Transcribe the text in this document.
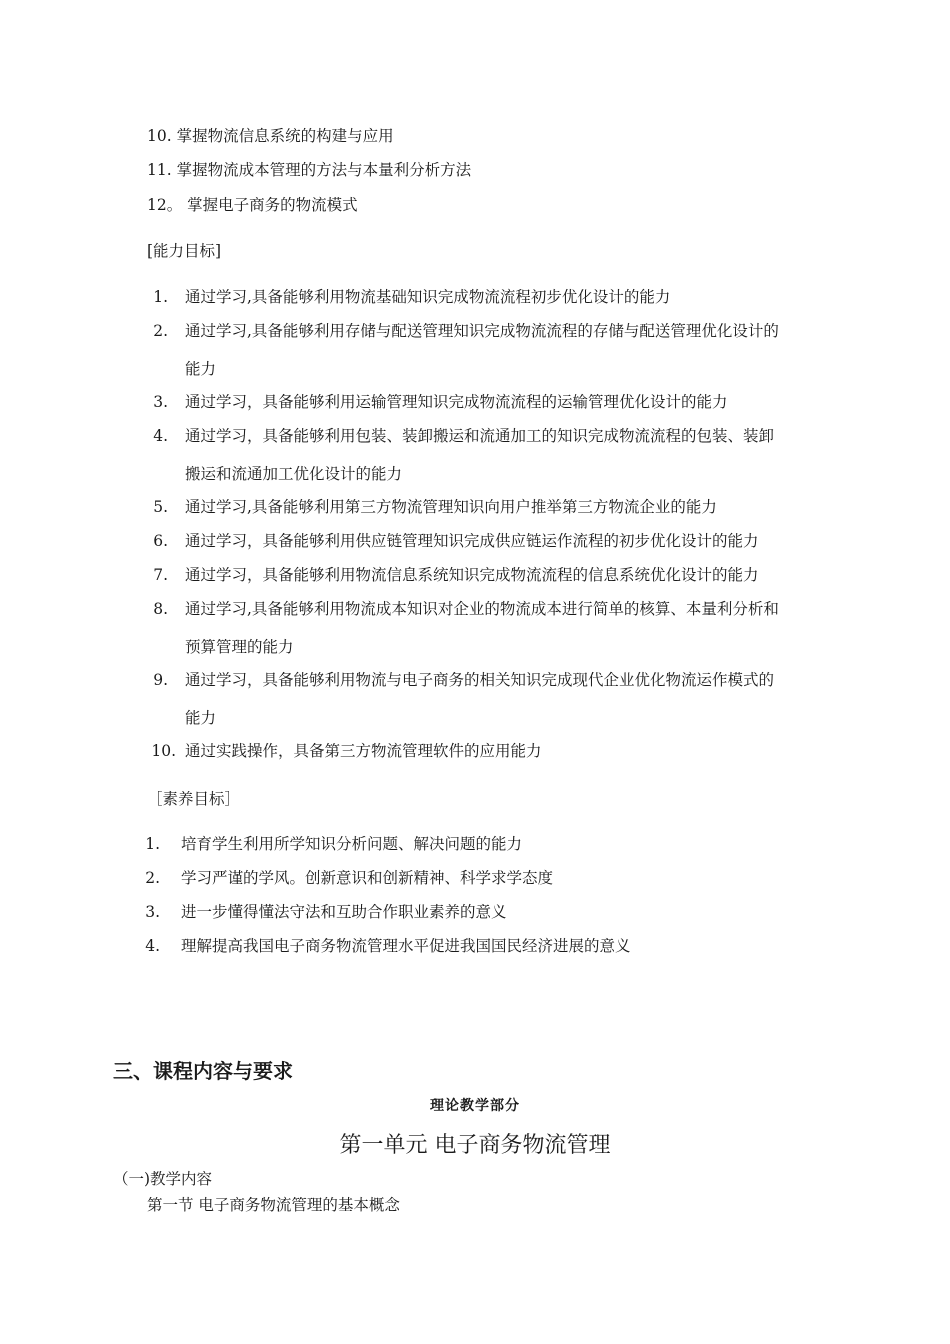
10. 掌握物流信息系统的构建与应用
11. 掌握物流成本管理的方法与本量利分析方法
12。 掌握电子商务的物流模式
[能力目标]
1. 通过学习,具备能够利用物流基础知识完成物流流程初步优化设计的能力
2. 通过学习,具备能够利用存储与配送管理知识完成物流流程的存储与配送管理优化设计的
能力
3. 通过学习，具备能够利用运输管理知识完成物流流程的运输管理优化设计的能力
4. 通过学习，具备能够利用包装、装卸搬运和流通加工的知识完成物流流程的包装、装卸
搬运和流通加工优化设计的能力
5. 通过学习,具备能够利用第三方物流管理知识向用户推举第三方物流企业的能力
6. 通过学习，具备能够利用供应链管理知识完成供应链运作流程的初步优化设计的能力
7. 通过学习，具备能够利用物流信息系统知识完成物流流程的信息系统优化设计的能力
8. 通过学习,具备能够利用物流成本知识对企业的物流成本进行简单的核算、本量利分析和
预算管理的能力
9. 通过学习，具备能够利用物流与电子商务的相关知识完成现代企业优化物流运作模式的
能力
10. 通过实践操作，具备第三方物流管理软件的应用能力
［素养目标］
1. 培育学生利用所学知识分析问题、解决问题的能力
2. 学习严谨的学风。创新意识和创新精神、科学求学态度
3. 进一步懂得懂法守法和互助合作职业素养的意义
4. 理解提高我国电子商务物流管理水平促进我国国民经济进展的意义
三、课程内容与要求
理论教学部分
第一单元 电子商务物流管理
（一)教学内容
第一节 电子商务物流管理的基本概念
